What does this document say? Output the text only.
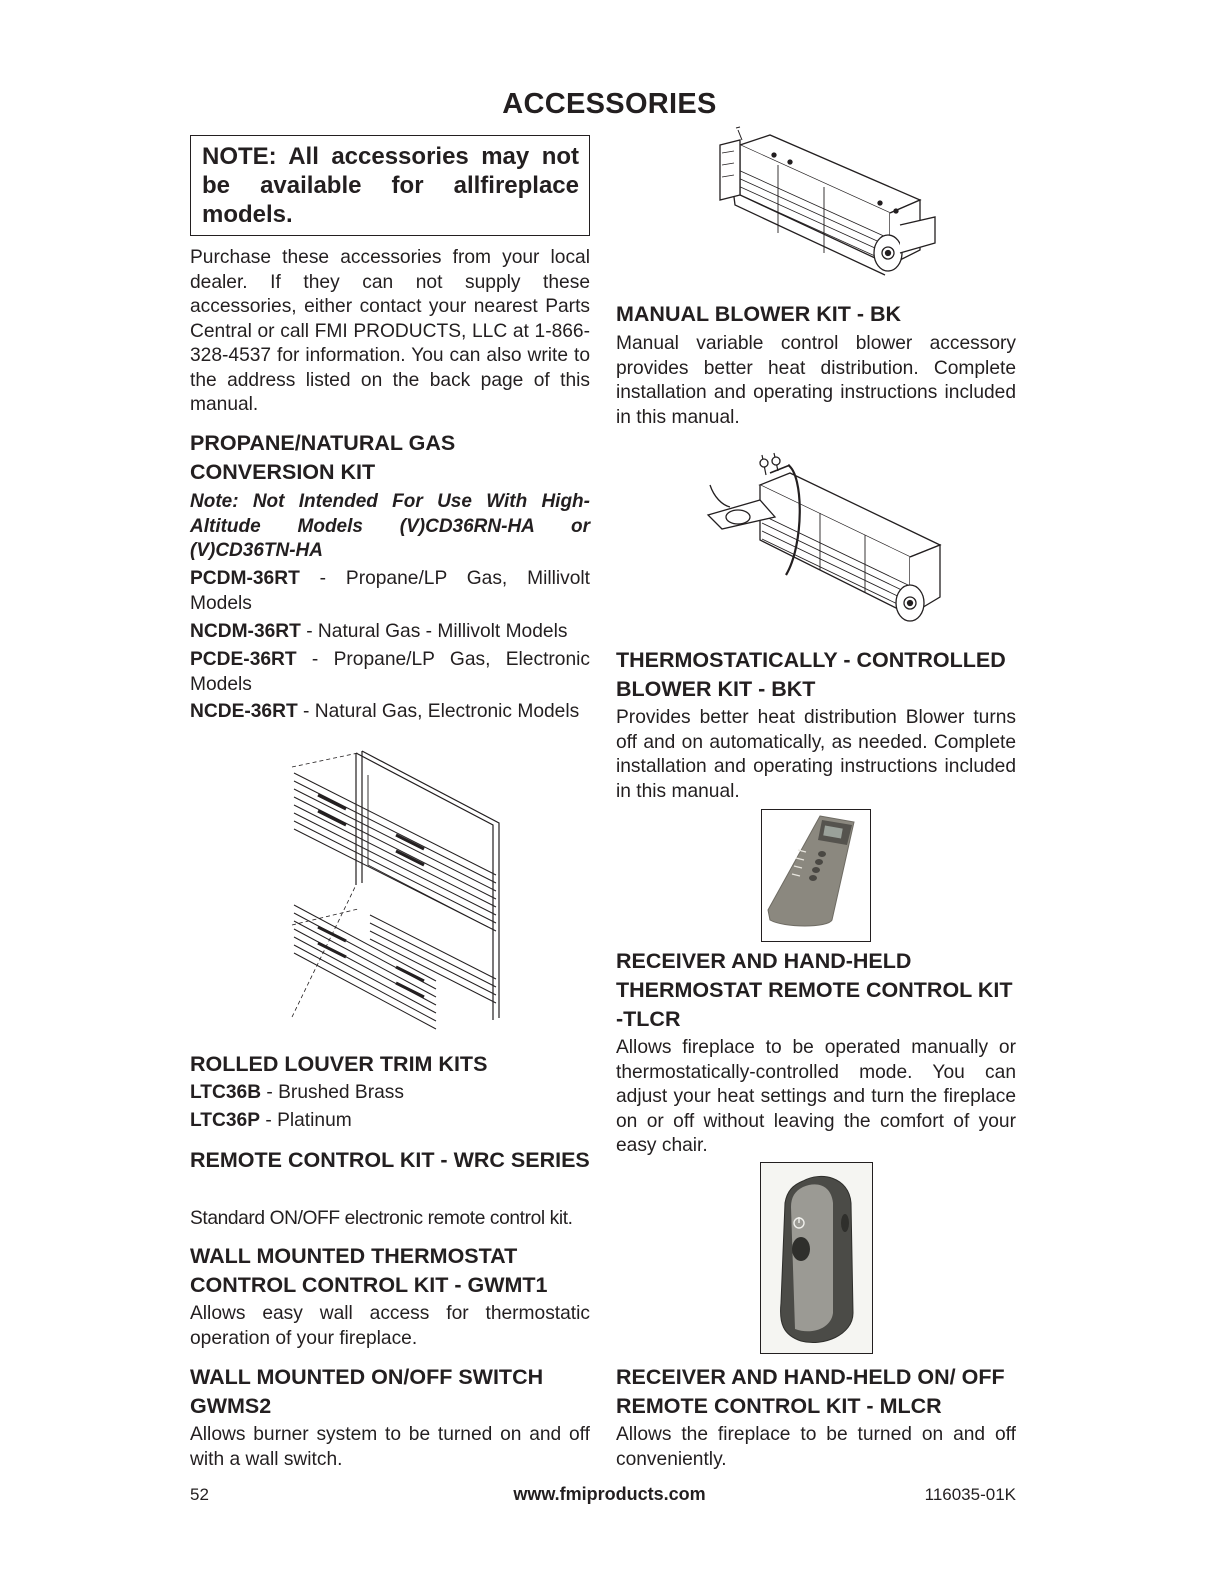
ACCESSORIES
NOTE: All accessories may not be available for allfireplace models.

Purchase these accessories from your local dealer. If they can not supply these accessories, either contact your nearest Parts Central or call FMI PRODUCTS, LLC at 1-866-328-4537 for information. You can also write to the address listed on the back page of this manual.

PROPANE/NATURAL GAS CONVERSION KIT

Note: Not Intended For Use With High-Altitude Models (V)CD36RN-HA or (V)CD36TN-HA

PCDM-36RT - Propane/LP Gas, Millivolt Models

NCDM-36RT - Natural Gas - Millivolt Models

PCDE-36RT - Propane/LP Gas, Electronic Models

NCDE-36RT - Natural Gas, Electronic Models

ROLLED LOUVER TRIM KITS

LTC36B - Brushed Brass

LTC36P - Platinum

REMOTE CONTROL KIT - WRC SERIES

Standard ON/OFF electronic remote control kit.

WALL MOUNTED THERMOSTAT CONTROL CONTROL KIT - GWMT1

Allows easy wall access for thermostatic operation of your fireplace.

WALL MOUNTED ON/OFF SWITCH GWMS2

Allows burner system to be turned on and off with a wall switch.

MANUAL BLOWER KIT - BK

Manual variable control blower accessory provides better heat distribution. Complete installation and operating instructions included in this manual.

THERMOSTATICALLY - CONTROLLED BLOWER KIT - BKT

Provides better heat distribution Blower turns off and on automatically, as needed. Complete installation and operating instructions included in this manual.

RECEIVER AND HAND-HELD THERMOSTAT REMOTE CONTROL KIT -TLCR

Allows fireplace to be operated manually or thermostatically-controlled mode. You can adjust your heat settings and turn the fireplace on or off without leaving the comfort of your easy chair.

RECEIVER AND HAND-HELD ON/ OFF REMOTE CONTROL KIT - MLCR

Allows the fireplace to be turned on and off conveniently.

52	www.fmiproducts.com	116035-01K
